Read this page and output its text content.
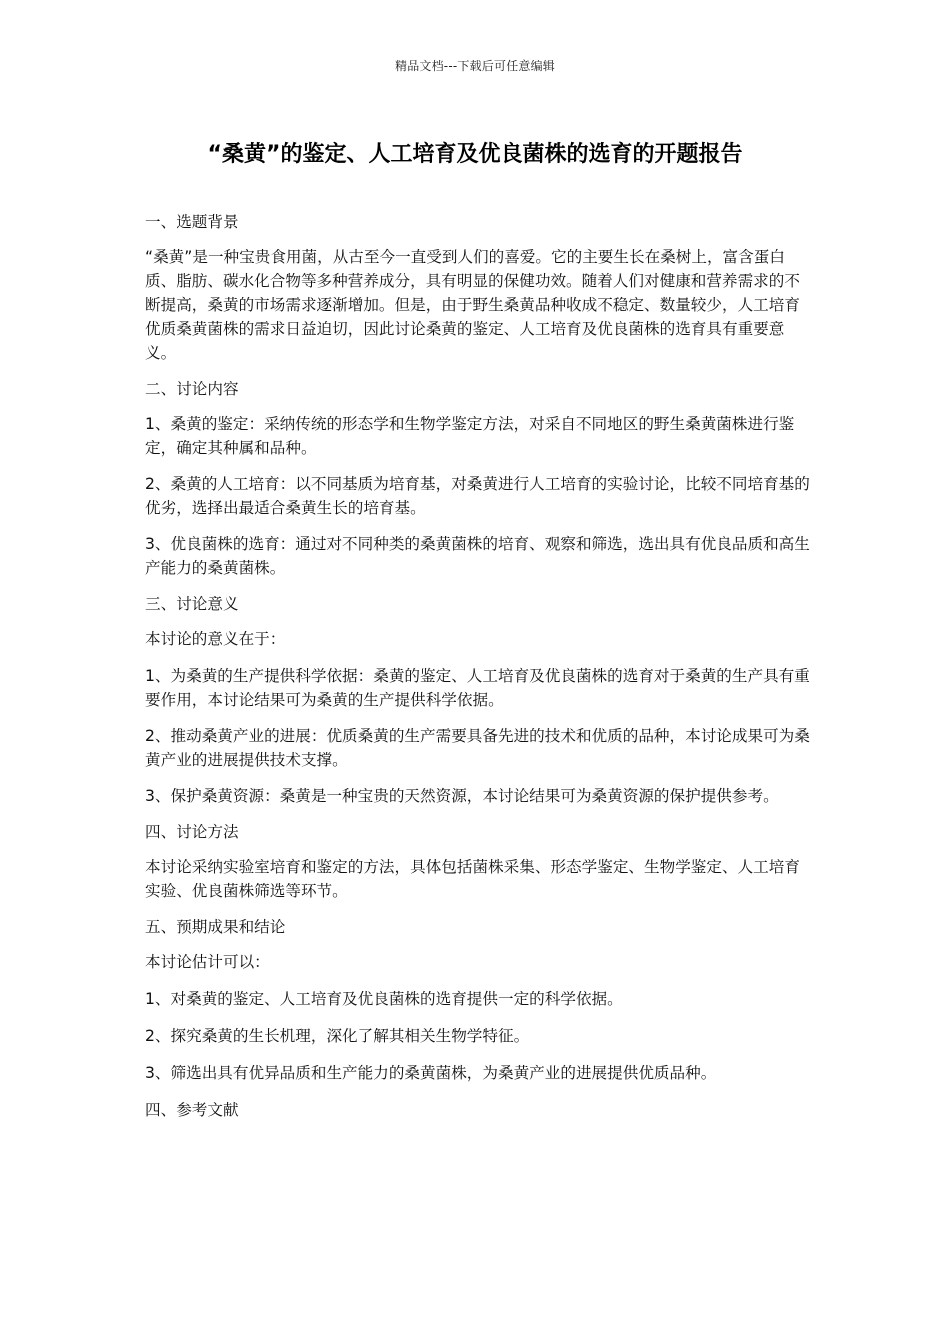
精品文档---下载后可任意编辑
“桑黄”的鉴定、人工培育及优良菌株的选育的开题报告

一、选题背景

“桑黄”是一种宝贵食用菌，从古至今一直受到人们的喜爱。它的主要生长在桑树上，富含蛋白质、脂肪、碳水化合物等多种营养成分，具有明显的保健功效。随着人们对健康和营养需求的不断提高，桑黄的市场需求逐渐增加。但是，由于野生桑黄品种收成不稳定、数量较少，人工培育优质桑黄菌株的需求日益迫切，因此讨论桑黄的鉴定、人工培育及优良菌株的选育具有重要意义。

二、讨论内容

1、桑黄的鉴定：采纳传统的形态学和生物学鉴定方法，对采自不同地区的野生桑黄菌株进行鉴定，确定其种属和品种。

2、桑黄的人工培育：以不同基质为培育基，对桑黄进行人工培育的实验讨论，比较不同培育基的优劣，选择出最适合桑黄生长的培育基。

3、优良菌株的选育：通过对不同种类的桑黄菌株的培育、观察和筛选，选出具有优良品质和高生产能力的桑黄菌株。

三、讨论意义

本讨论的意义在于：

1、为桑黄的生产提供科学依据：桑黄的鉴定、人工培育及优良菌株的选育对于桑黄的生产具有重要作用，本讨论结果可为桑黄的生产提供科学依据。

2、推动桑黄产业的进展：优质桑黄的生产需要具备先进的技术和优质的品种，本讨论成果可为桑黄产业的进展提供技术支撑。

3、保护桑黄资源：桑黄是一种宝贵的天然资源，本讨论结果可为桑黄资源的保护提供参考。

四、讨论方法

本讨论采纳实验室培育和鉴定的方法，具体包括菌株采集、形态学鉴定、生物学鉴定、人工培育实验、优良菌株筛选等环节。

五、预期成果和结论

本讨论估计可以：

1、对桑黄的鉴定、人工培育及优良菌株的选育提供一定的科学依据。

2、探究桑黄的生长机理，深化了解其相关生物学特征。

3、筛选出具有优异品质和生产能力的桑黄菌株，为桑黄产业的进展提供优质品种。

四、参考文献
